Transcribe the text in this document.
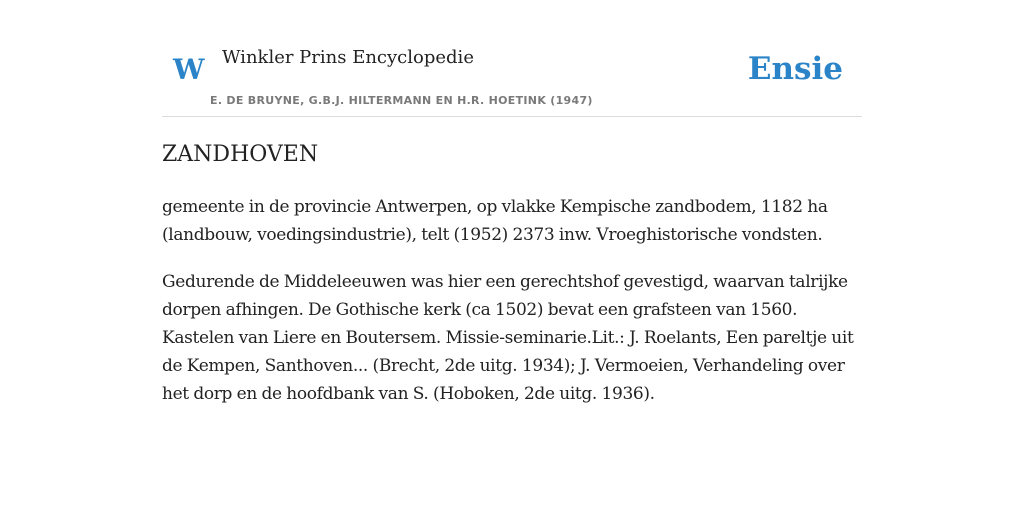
W Winkler Prins Encyclopedie
E. DE BRUYNE, G.B.J. HILTERMANN EN H.R. HOETINK (1947)
Ensie
ZANDHOVEN

gemeente in de provincie Antwerpen, op vlakke Kempische zandbodem, 1182 ha (landbouw, voedingsindustrie), telt (1952) 2373 inw. Vroeghistorische vondsten.

Gedurende de Middeleeuwen was hier een gerechtshof gevestigd, waarvan talrijke dorpen afhingen. De Gothische kerk (ca 1502) bevat een grafsteen van 1560. Kastelen van Liere en Boutersem. Missie-seminarie.Lit.: J. Roelants, Een pareltje uit de Kempen, Santhoven... (Brecht, 2de uitg. 1934); J. Vermoeien, Verhandeling over het dorp en de hoofdbank van S. (Hoboken, 2de uitg. 1936).
